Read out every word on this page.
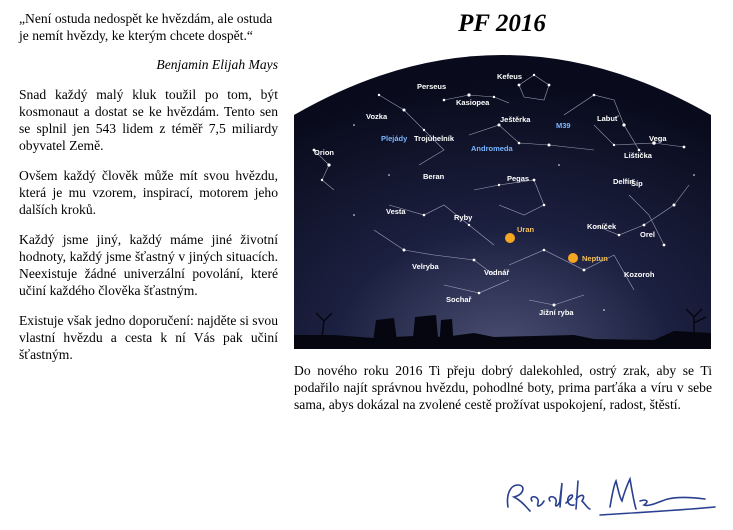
„Není ostuda nedospět ke hvězdám, ale ostuda je nemít hvězdy, ke kterým chcete dospět.“

Benjamin Elijah Mays

Snad každý malý kluk toužil po tom, být kosmonaut a dostat se ke hvězdám. Tento sen se splnil jen 543 lidem z téměř 7,5 miliardy obyvatel Země.

Ovšem každý člověk může mít svou hvězdu, která je mu vzorem, inspirací, motorem jeho dalších kroků.

Každý jsme jiný, každý máme jiné životní hodnoty, každý jsme šťastný v jiných situacích. Neexistuje žádné univerzální povolání, které učiní každého člověka šťastným.

Existuje však jedno doporučení: najděte si svou vlastní hvězdu a cesta k ní Vás pak učiní šťastným.

PF 2016
Kefeus
Perseus
Kasiopeа
Ještěrka
M39
Labuť
Vozka
Plejády Trojúhelník
Andromeda
Vega
Orion	Lištička
Beran	Pegas	Delfín
Šíp
Vesta
Ryby
Koníček
Orel
Uran
Velryba
Vodnář
Neptun
Kozoroh
Sochař
Jižní ryba

Do nového roku 2016 Ti přeju dobrý dalekohled, ostrý zrak, aby se Ti podařilo najít správnou hvězdu, pohodlné boty, prima parťáka a víru v sebe sama, abys dokázal na zvolené cestě prožívat uspokojení, radost, štěstí.
